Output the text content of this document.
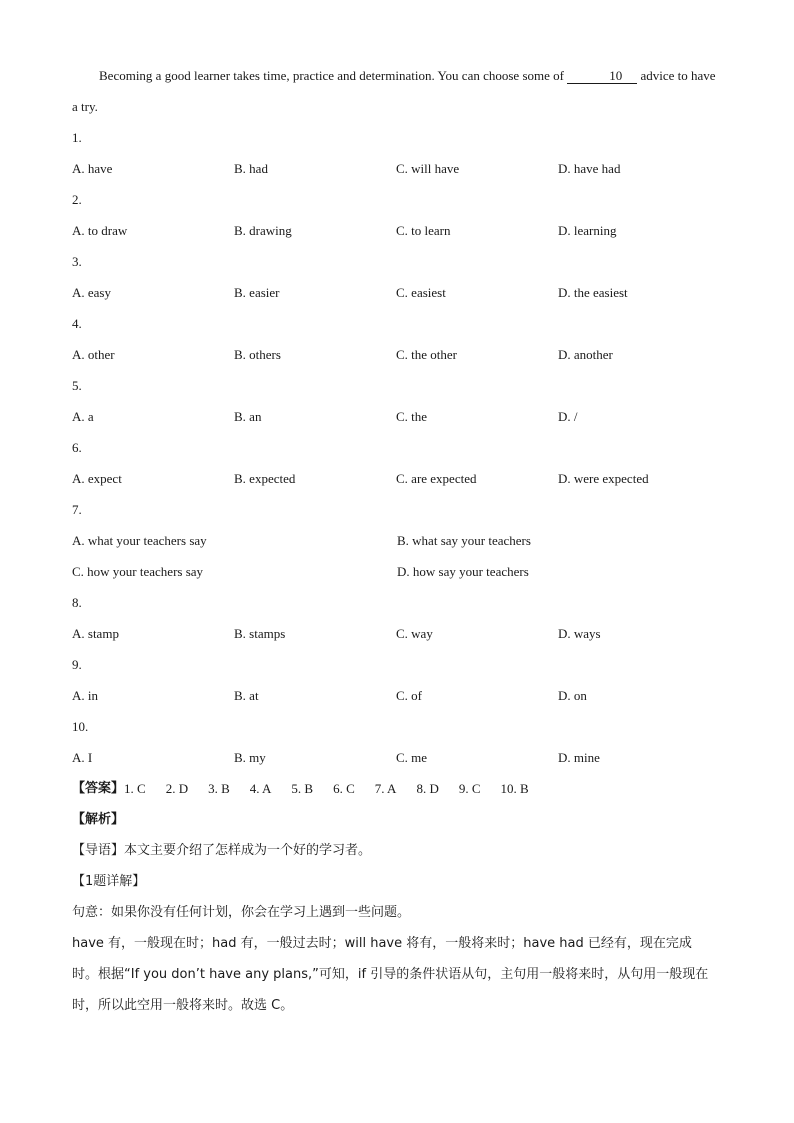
Becoming a good learner takes time, practice and determination. You can choose some of	10 advice to have a try.

1.
A. have	B. had	C. will have	D. have had
2.
A. to draw	B. drawing	C. to learn	D. learning
3.
A. easy	B. easier	C. easiest	D. the easiest
4.
A. other	B. others	C. the other	D. another
5.
A. a	B. an	C. the	D. /
6.
A. expect	B. expected	C. are expected	D. were expected
7.
A. what your teachers say	B. what say your teachers
C. how your teachers say	D. how say your teachers
8.
A. stamp	B. stamps	C. way	D. ways
9.
A. in	B. at	C. of	D. on
10.
A. I	B. my	C. me	D. mine
【答案】 1. C 2. D 3. B 4. A 5. B 6. C 7. A 8. D 9. C 10. B
【解析】
【导语】本文主要介绍了怎样成为一个好的学习者。
【1题详解】
句意：如果你没有任何计划，你会在学习上遇到一些问题。
have 有，一般现在时；had 有，一般过去时；will have 将有，一般将来时；have had 已经有，现在完成
时。根据“If you don’t have any plans,”可知，if 引导的条件状语从句，主句用一般将来时，从句用一般现在
时，所以此空用一般将来时。故选 C。
